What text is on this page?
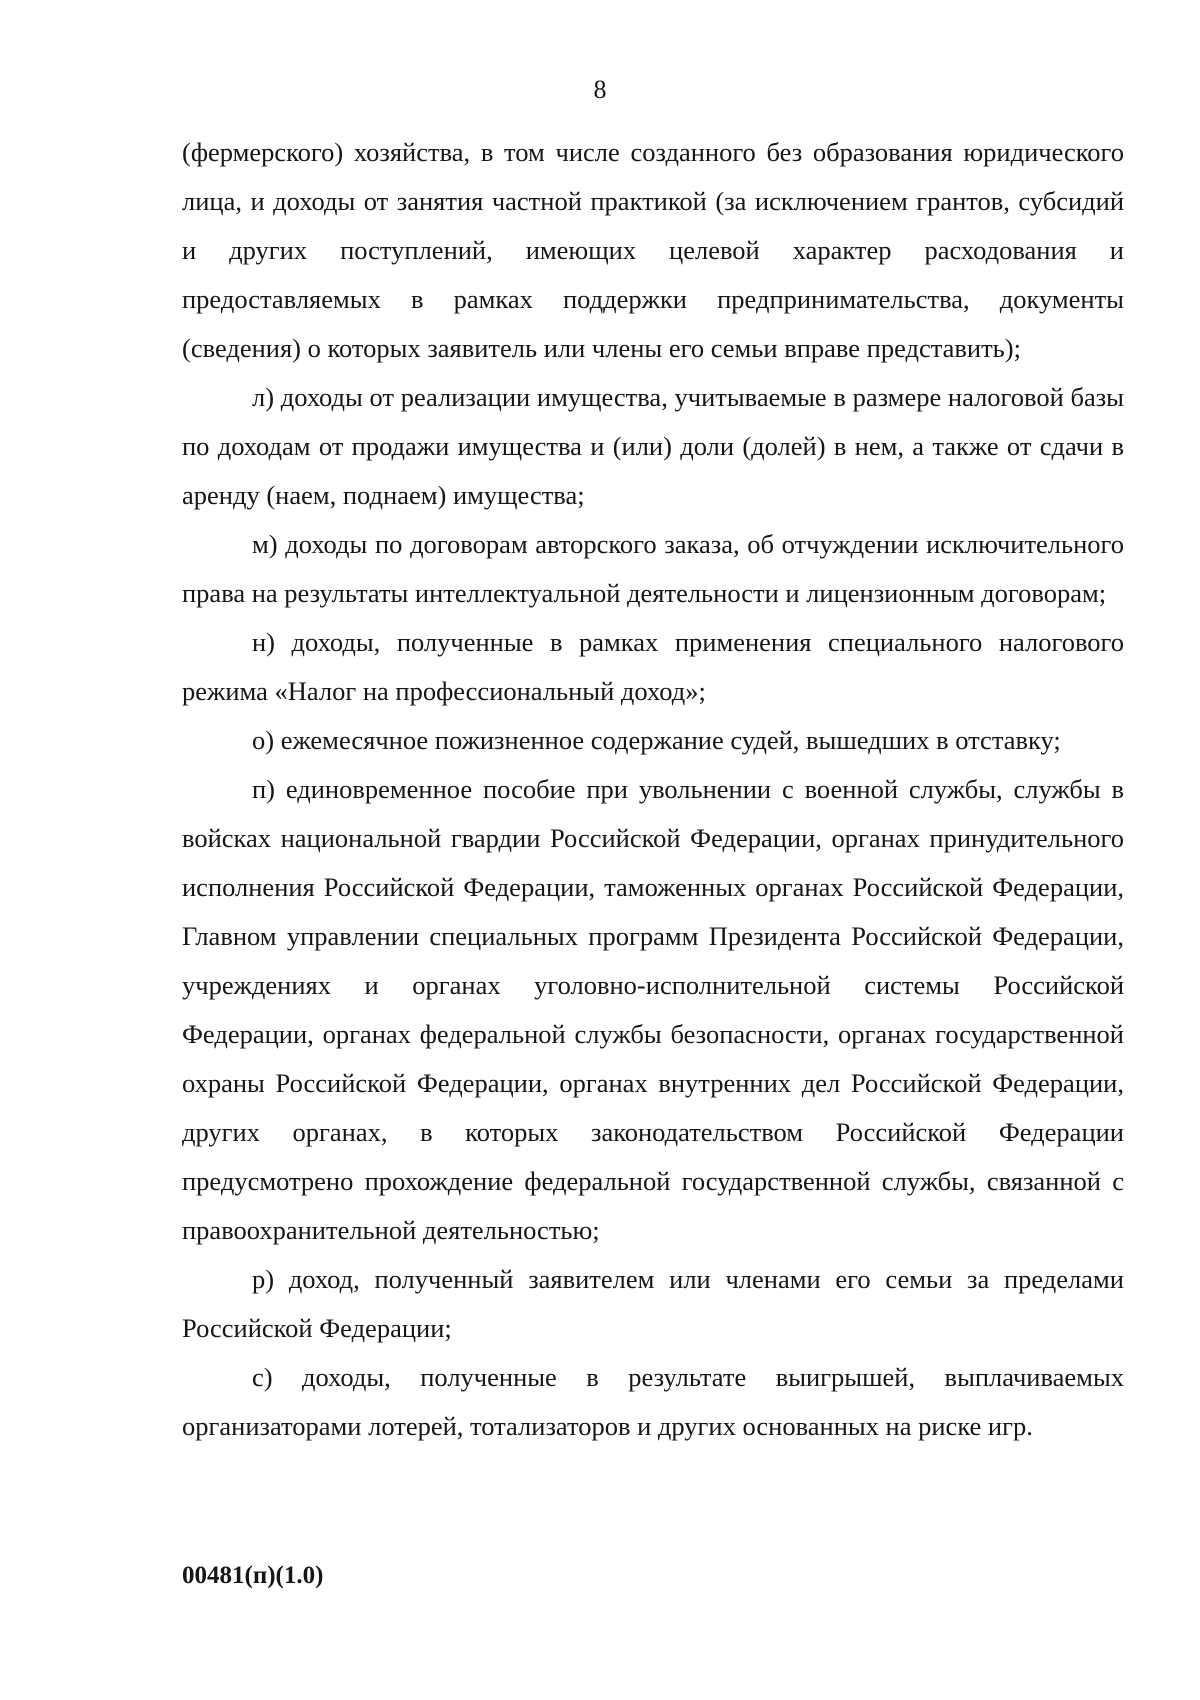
8

(фермерского) хозяйства, в том числе созданного без образования юридического лица, и доходы от занятия частной практикой (за исключением грантов, субсидий и других поступлений, имеющих целевой характер расходования и предоставляемых в рамках поддержки предпринимательства, документы (сведения) о которых заявитель или члены его семьи вправе представить);

л) доходы от реализации имущества, учитываемые в размере налоговой базы по доходам от продажи имущества и (или) доли (долей) в нем, а также от сдачи в аренду (наем, поднаем) имущества;

м) доходы по договорам авторского заказа, об отчуждении исключительного права на результаты интеллектуальной деятельности и лицензионным договорам;

н) доходы, полученные в рамках применения специального налогового режима «Налог на профессиональный доход»;

о) ежемесячное пожизненное содержание судей, вышедших в отставку;

п) единовременное пособие при увольнении с военной службы, службы в войсках национальной гвардии Российской Федерации, органах принудительного исполнения Российской Федерации, таможенных органах Российской Федерации, Главном управлении специальных программ Президента Российской Федерации, учреждениях и органах уголовно-исполнительной системы Российской Федерации, органах федеральной службы безопасности, органах государственной охраны Российской Федерации, органах внутренних дел Российской Федерации, других органах, в которых законодательством Российской Федерации предусмотрено прохождение федеральной государственной службы, связанной с правоохранительной деятельностью;

р) доход, полученный заявителем или членами его семьи за пределами Российской Федерации;

с) доходы, полученные в результате выигрышей, выплачиваемых организаторами лотерей, тотализаторов и других основанных на риске игр.

00481(п)(1.0)
